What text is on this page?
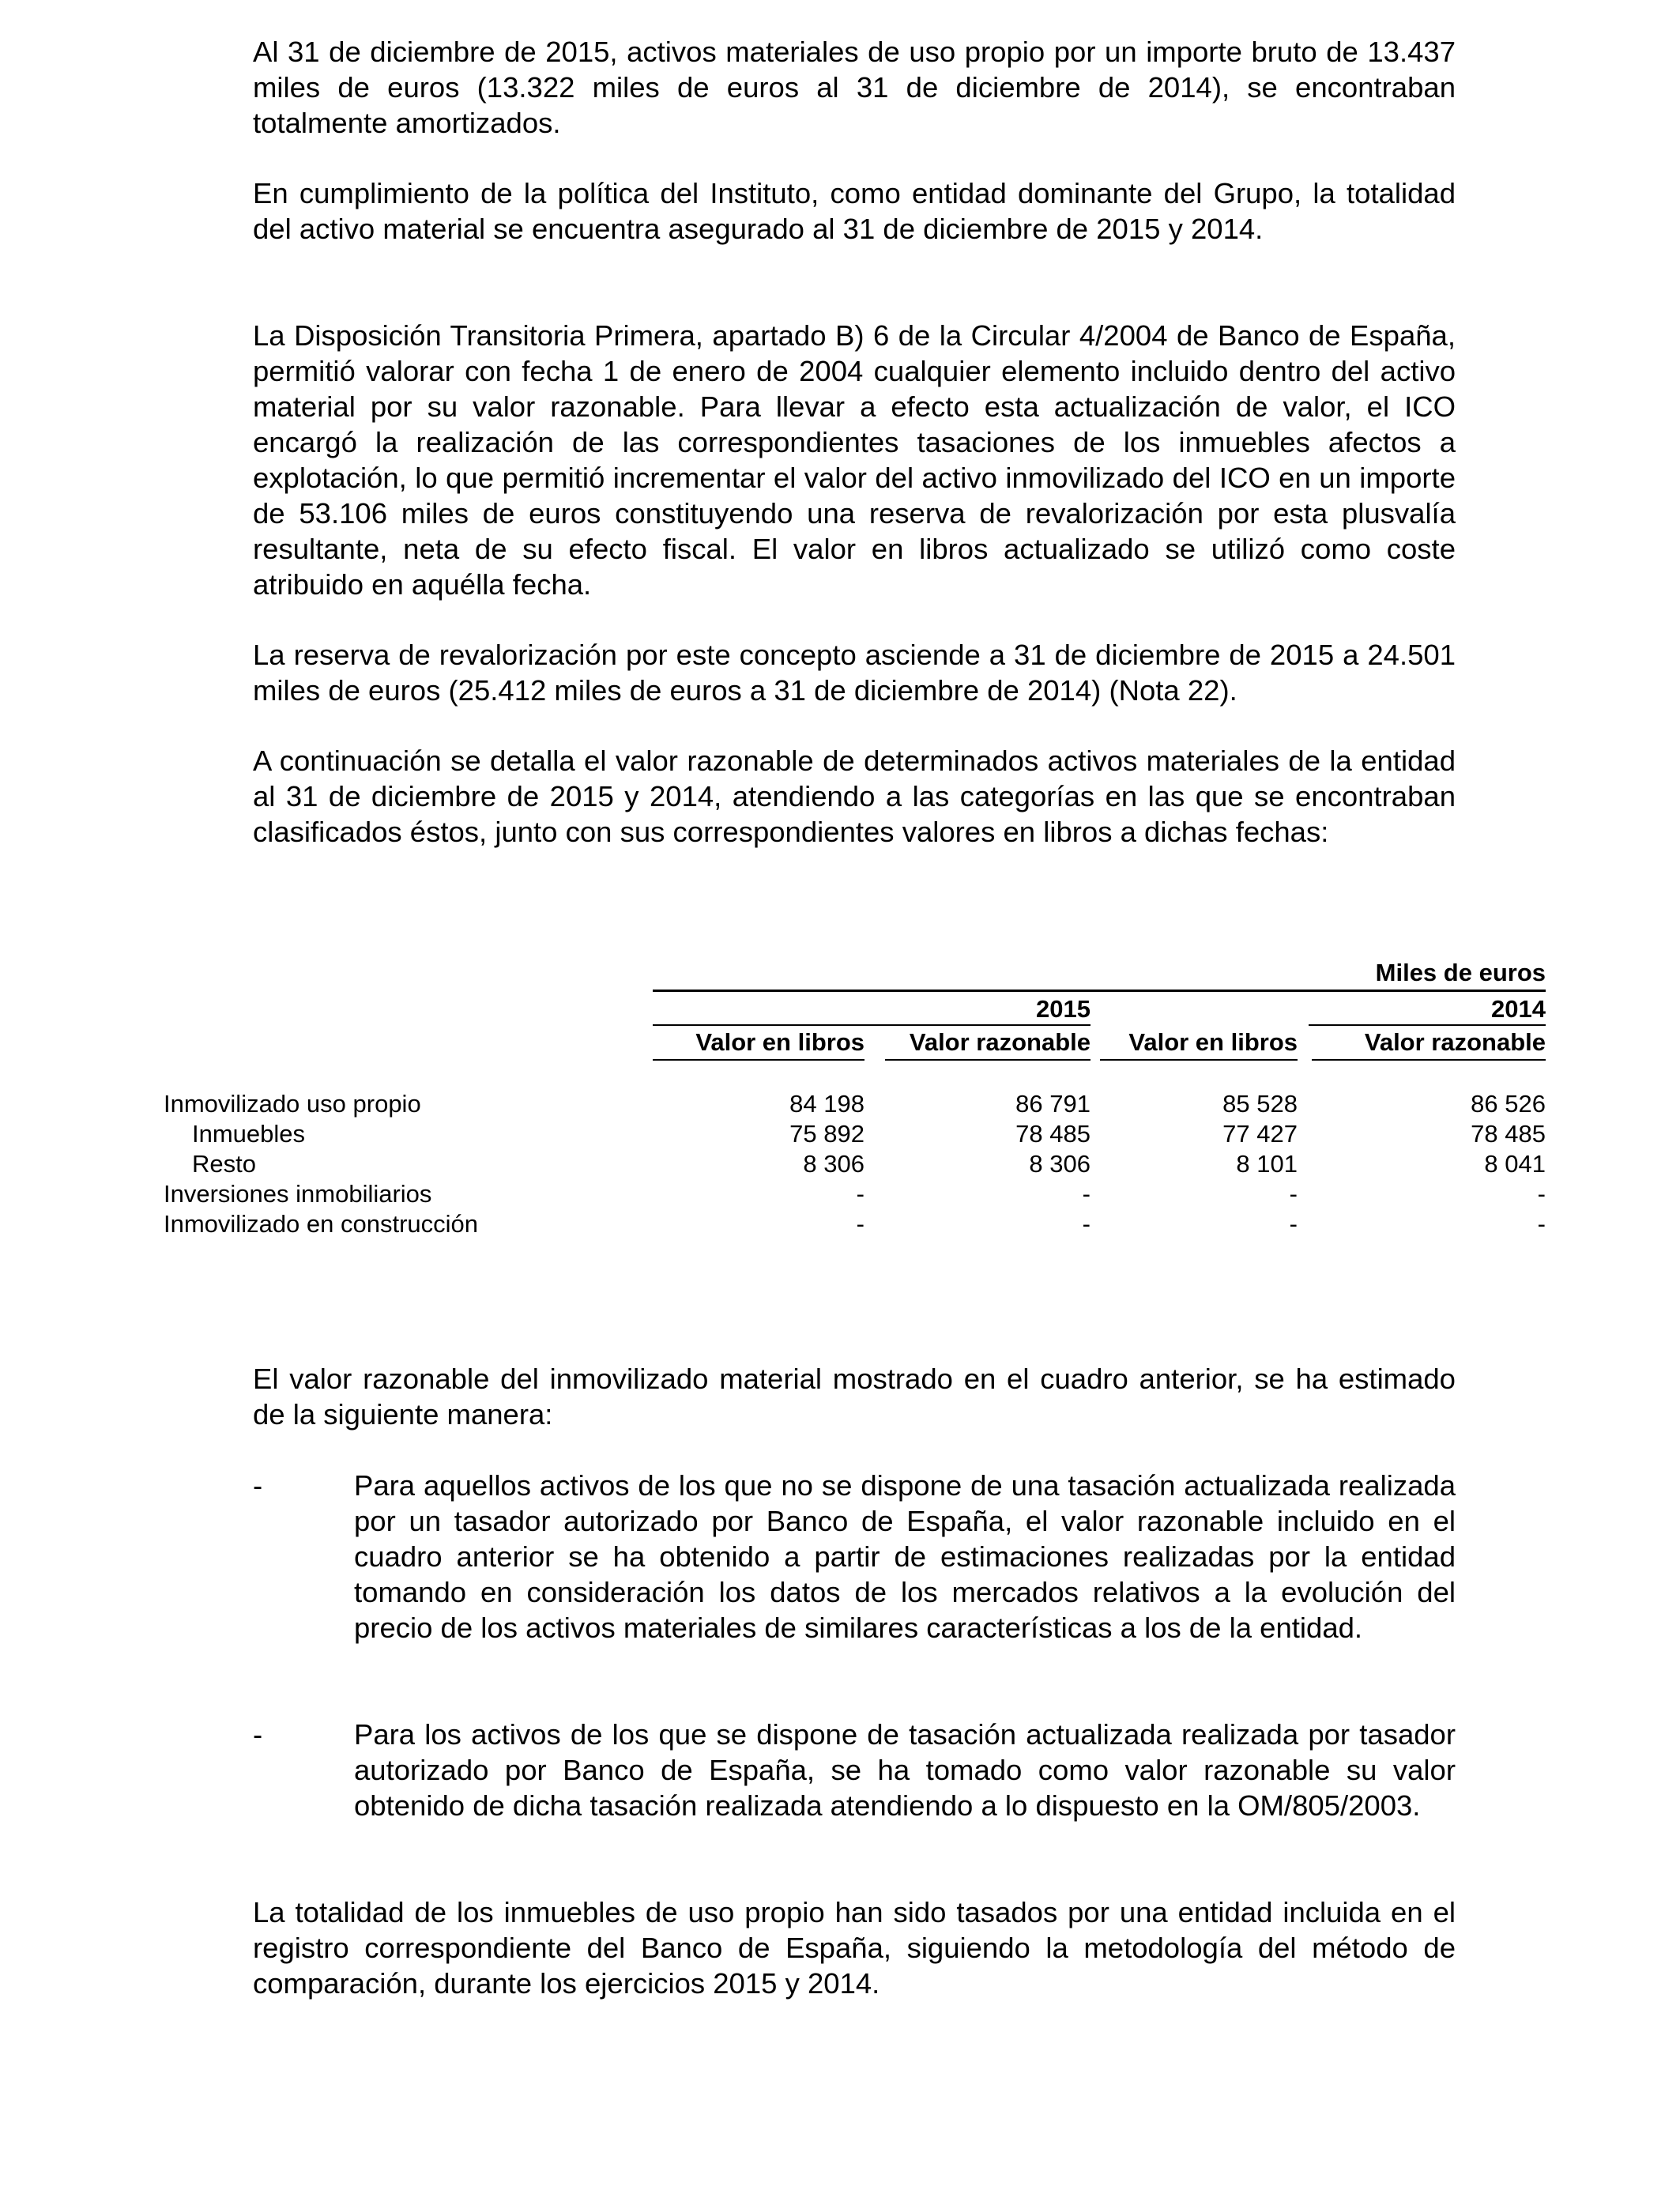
Al 31 de diciembre de 2015, activos materiales de uso propio por un importe bruto de 13.437 miles de euros (13.322 miles de euros al 31 de diciembre de 2014), se encontraban totalmente amortizados.

En cumplimiento de la política del Instituto, como entidad dominante del Grupo, la totalidad del activo material se encuentra asegurado al 31 de diciembre de 2015 y 2014.

La Disposición Transitoria Primera, apartado B) 6 de la Circular 4/2004 de Banco de España, permitió valorar con fecha 1 de enero de 2004 cualquier elemento incluido dentro del activo material por su valor razonable. Para llevar a efecto esta actualización de valor, el ICO encargó la realización de las correspondientes tasaciones de los inmuebles afectos a explotación, lo que permitió incrementar el valor del activo inmovilizado del ICO en un importe de 53.106 miles de euros constituyendo una reserva de revalorización por esta plusvalía resultante, neta de su efecto fiscal. El valor en libros actualizado se utilizó como coste atribuido en aquélla fecha.

La reserva de revalorización por este concepto asciende a 31 de diciembre de 2015 a 24.501 miles de euros (25.412 miles de euros a 31 de diciembre de 2014) (Nota 22).

A continuación se detalla el valor razonable de determinados activos materiales de la entidad al 31 de diciembre de 2015 y 2014, atendiendo a las categorías en las que se encontraban clasificados éstos, junto con sus correspondientes valores en libros a dichas fechas:

Miles de euros
2015	2014
Valor en libros	Valor razonable	Valor en libros	Valor razonable
Inmovilizado uso propio	84 198	86 791	85 528	86 526
Inmuebles	75 892	78 485	77 427	78 485
Resto	8 306	8 306	8 101	8 041
Inversiones inmobiliarios	-	-	-	-
Inmovilizado en construcción	-	-	-	-

El valor razonable del inmovilizado material mostrado en el cuadro anterior, se ha estimado de la siguiente manera:

-	Para aquellos activos de los que no se dispone de una tasación actualizada realizada por un tasador autorizado por Banco de España, el valor razonable incluido en el cuadro anterior se ha obtenido a partir de estimaciones realizadas por la entidad tomando en consideración los datos de los mercados relativos a la evolución del precio de los activos materiales de similares características a los de la entidad.

-	Para los activos de los que se dispone de tasación actualizada realizada por tasador autorizado por Banco de España, se ha tomado como valor razonable su valor obtenido de dicha tasación realizada atendiendo a lo dispuesto en la OM/805/2003.

La totalidad de los inmuebles de uso propio han sido tasados por una entidad incluida en el registro correspondiente del Banco de España, siguiendo la metodología del método de comparación, durante los ejercicios 2015 y 2014.
